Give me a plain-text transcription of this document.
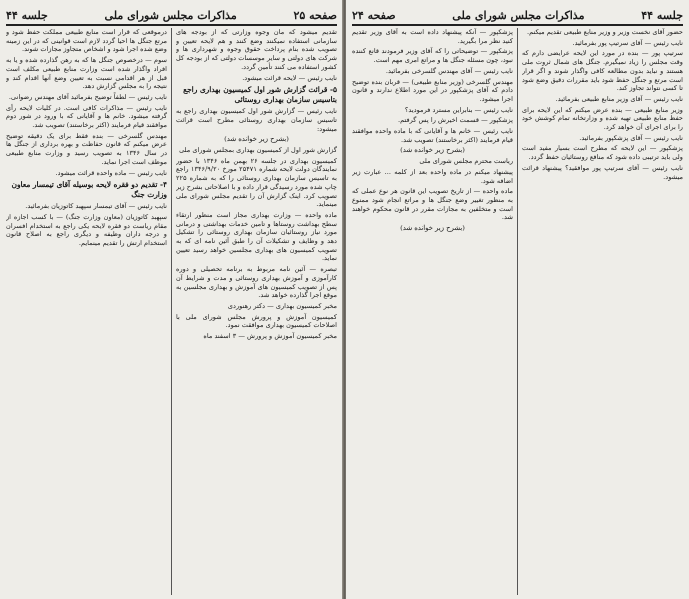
صفحه ۲۵
مذاکرات مجلس شورای ملی
جلسه ۴۴

تقدیم میشود که مان وجوه وزارتی که از بودجه های سازمانی استفاده نمیکنند وضع کنند و هم لایحه تعیین و تصویب شده بنام پرداخت حقوق وجوه و شهرداری ها و شرکت های دولتی و سایر موسسات دولتی که از بودجه کل کشور استفاده می کنند تأمین گردد.

نایب رئیس — لایحه قرائت میشود.

۵- قرائت گزارش شور اول کمیسیون بهداری راجع بتاسیس سازمان بهداری روستائی

نایب رئیس — گزارش شور اول کمیسیون بهداری راجع به تاسیس سازمان بهداری روستائی مطرح است قرائت میشود:

(بشرح زیر خوانده شد)

گزارش شور اول از کمیسیون بهداری بمجلس شورای ملی

کمیسیون بهداری در جلسه ۲۶ بهمن ماه ۱۳۴۶ با حضور نمایندگان دولت لایحه شماره ۲۵۴۷۱ مورخ ۱۳۴۶/۹/۲۰ راجع به تاسیس سازمان بهداری روستائی را که به شماره ۲۲۵ چاپ شده مورد رسیدگی قرار داده و با اصلاحاتی بشرح زیر تصویب کرد. اینک گزارش آن را تقدیم مجلس شورای ملی مینماید.

ماده واحده — وزارت بهداری مجاز است منظور ارتقاء سطح بهداشت روستاها و تامین خدمات بهداشتی و درمانی مورد نیاز روستائیان سازمان بهداری روستائی را تشکیل دهد و وظایف و تشکیلات آن را طبق آئین نامه ای که به تصویب کمیسیون های بهداری مجلسین خواهد رسید تعیین نماید.

تبصره — آئین نامه مربوط به برنامه تحصیلی و دوره کارآموزی و آموزش بهداری روستائی و مدت و شرایط آن پس از تصویب کمیسیون های آموزش و بهداری مجلسین به موقع اجرا گذارده خواهد شد.

مخبر کمیسیون بهداری — دکتر رهنوردی

کمیسیون آموزش و پرورش مجلس شورای ملی با اصلاحات کمیسیون بهداری موافقت نمود.

مخبر کمیسیون آموزش و پرورش — ۳ اسفند ماه

درموقعی که قرار است منابع طبیعی مملکت حفظ شود و مرتع جنگل ها احیا گردد لازم است قوانینی که در این زمینه وضع شده اجرا شود و اشخاص متجاوز مجازات شوند.

سوم — درخصوص جنگل ها که به رهن گذارده شده و یا به افراد واگذار شده است وزارت منابع طبیعی مکلف است قبل از هر اقدامی نسبت به تعیین وضع آنها اقدام کند و نتیجه را به مجلس گزارش دهد.

نایب رئیس — لطفاً توضیح بفرمائید آقای مهندس رضوانی.

نایب رئیس — مذاکرات کافی است. در کلیات لایحه رأی گرفته میشود. خانم ها و آقایانی که با ورود در شور دوم موافقند قیام فرمایند (اکثر برخاستند) تصویب شد.

مهندس گلسرخی — بنده فقط برای یک دقیقه توضیح عرض میکنم که قانون حفاظت و بهره برداری از جنگل ها در سال ۱۳۴۶ به تصویب رسید و وزارت منابع طبیعی موظف است اجرا نماید.

نایب رئیس — ماده واحده قرائت میشود.

۴- تقدیم دو فقره لایحه بوسیله آقای تیمسار معاون وزارت جنگ

نایب رئیس — آقای تیمسار سپهبد کاتوزیان بفرمائید.

سپهبد کاتوزیان (معاون وزارت جنگ) — با کسب اجازه از مقام ریاست دو فقره لایحه یکی راجع به استخدام افسران و درجه داران وظیفه و دیگری راجع به اصلاح قانون استخدام ارتش را تقدیم مینمایم.

جلسه ۴۴
مذاکرات مجلس شورای ملی
صفحه ۲۴

حضور آقای نخست وزیر و وزیر منابع طبیعی تقدیم میکنم.

نایب رئیس — آقای سرتیپ پور بفرمائید.

سرتیپ پور — بنده در مورد این لایحه عرایضی دارم که وقت مجلس را زیاد نمیگیرم. جنگل های شمال ثروت ملی هستند و نباید بدون مطالعه کافی واگذار شوند و اگر قرار است مرتع و جنگل حفظ شود باید مقررات دقیق وضع شود تا کسی نتواند تجاوز کند.

نایب رئیس — آقای وزیر منابع طبیعی بفرمائید.

وزیر منابع طبیعی — بنده عرض میکنم که این لایحه برای حفظ منابع طبیعی تهیه شده و وزارتخانه تمام کوشش خود را برای اجرای آن خواهد کرد.

نایب رئیس — آقای پزشکپور بفرمائید.

پزشکپور — این لایحه که مطرح است بسیار مفید است ولی باید ترتیبی داده شود که منافع روستائیان حفظ گردد.

نایب رئیس — آقای سرتیپ پور موافقید؟ پیشنهاد قرائت میشود.

پزشکپور — آنکه پیشنهاد داده است به آقای وزیر تقدیم کنید نظر مرا بگیرید.

پزشکپور — توضیحاتی را که آقای وزیر فرمودند قانع کننده نبود، چون مسئله جنگل ها و مراتع امری مهم است.

نایب رئیس — آقای مهندس گلسرخی بفرمائید.

مهندس گلسرخی (وزیر منابع طبیعی) — قربان بنده توضیح دادم که آقای پزشکپور در این مورد اطلاع ندارند و قانون اجرا میشود.

نایب رئیس — بنابراین مسترد فرمودید؟

پزشکپور — قسمت اخیرش را پس گرفتم.

نایب رئیس — خانم ها و آقایانی که با ماده واحده موافقند قیام فرمایند (اکثر برخاستند) تصویب شد.

(بشرح زیر خوانده شد)

ریاست محترم مجلس شورای ملی

پیشنهاد میکنم در ماده واحده بعد از کلمه ... عبارت زیر اضافه شود.

ماده واحده — از تاریخ تصویب این قانون هر نوع عملی که به منظور تغییر وضع جنگل ها و مراتع انجام شود ممنوع است و متخلفین به مجازات مقرر در قانون محکوم خواهند شد.

(بشرح زیر خوانده شد)
